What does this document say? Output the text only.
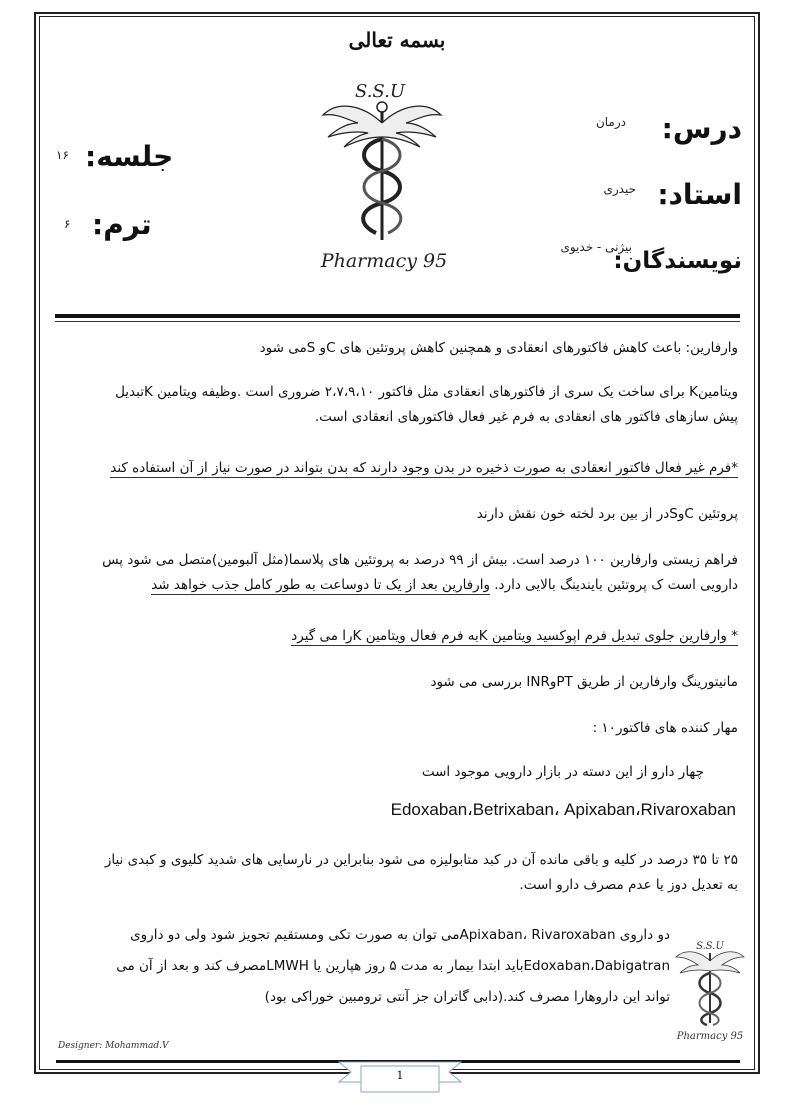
بسمه تعالی
درس:
درمان
استاد:
حیدری
نویسندگان:
بیژنی - خدیوی
جلسه:
۱۶
ترم:
۶
S.S.U
Pharmacy 95

وارفارین: باعث کاهش فاکتورهای انعقادی و همچنین کاهش پروتئین های Cو Sمی شود

ویتامینK برای ساخت یک سری از فاکتورهای انعقادی مثل فاکتور ۲،۷،۹،۱۰ ضروری است .وظیفه ویتامین Kتبدیل

پیش سازهای فاکتور های انعقادی به فرم غیر فعال فاکتورهای انعقادی است.

*فرم غیر فعال فاکتور انعقادی به صورت ذخیره در بدن وجود دارند که بدن بتواند در صورت نیاز از آن استفاده کند

پروتئین CوSدر از بین برد لخته خون نقش دارند

فراهم زیستی وارفارین ۱۰۰ درصد است. بیش از ۹۹ درصد به پروتئین های پلاسما(مثل آلبومین)متصل می شود پس

دارویی است ک پروتئین بایندینگ بالایی دارد. وارفارین بعد از یک تا دوساعت به طور کامل جذب خواهد شد

* وارفارین جلوی تبدیل فرم اپوکسید ویتامین Kبه فرم فعال ویتامین Kرا می گیرد

مانیتورینگ وارفارین از طریق PTوINR بررسی می شود

مهار کننده های فاکتور۱۰ :

چهار دارو از این دسته در بازار دارویی موجود است

Edoxaban،Betrixaban، Apixaban،Rivaroxaban

۲۵ تا ۳۵ درصد در کلیه و باقی مانده آن در کبد متابولیزه می شود بنابراین در نارسایی های شدید کلیوی و کبدی نیاز

به تعدیل دوز یا عدم مصرف دارو است.

دو داروی Apixaban، Rivaroxabanمی توان به صورت تکی ومستقیم تجویز شود ولی دو داروی

Edoxaban،Dabigatranباید ابتدا بیمار به مدت ۵ روز هپارین یا LMWHمصرف کند و بعد از آن می

تواند این داروهارا مصرف کند.(دابی گاتران جز آنتی ترومبین خوراکی بود)

S.S.U
Pharmacy 95
Designer: Mohammad.V
1
